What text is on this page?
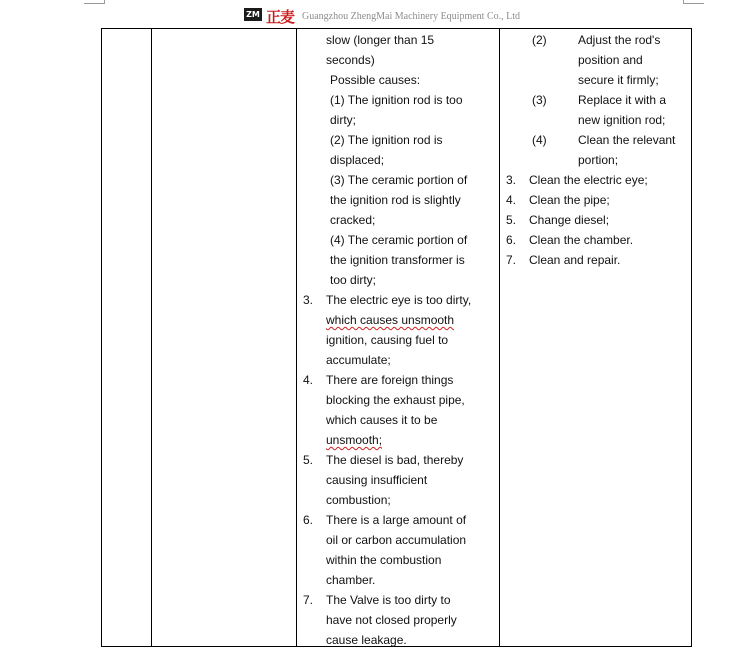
ZM 正麦 Guangzhou ZhengMai Machinery Equipment Co., Ltd
slow (longer than 15
seconds)
Possible causes:
(1) The ignition rod is too
dirty;
(2) The ignition rod is
displaced;
(3) The ceramic portion of
the ignition rod is slightly
cracked;
(4) The ceramic portion of
the ignition transformer is
too dirty;
3. The electric eye is too dirty,
which causes unsmooth
ignition, causing fuel to
accumulate;
4. There are foreign things
blocking the exhaust pipe,
which causes it to be
unsmooth;
5. The diesel is bad, thereby
causing insufficient
combustion;
6. There is a large amount of
oil or carbon accumulation
within the combustion
chamber.
7. The Valve is too dirty to
have not closed properly
cause leakage.
(2)	Adjust the rod's
position and
secure it firmly;
(3)	Replace it with a
new ignition rod;
(4)	Clean the relevant
portion;
3. Clean the electric eye;
4. Clean the pipe;
5. Change diesel;
6. Clean the chamber.
7. Clean and repair.
